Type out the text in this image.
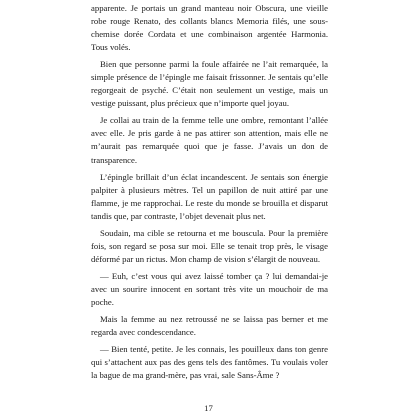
apparente. Je portais un grand manteau noir Obscura, une vieille robe rouge Renato, des collants blancs Memoria filés, une sous-chemise dorée Cordata et une combinaison argentée Harmonia. Tous volés.

Bien que personne parmi la foule affairée ne l’ait remarquée, la simple présence de l’épingle me faisait frissonner. Je sentais qu’elle regorgeait de psyché. C’était non seulement un vestige, mais un vestige puissant, plus précieux que n’importe quel joyau.

Je collai au train de la femme telle une ombre, remontant l’allée avec elle. Je pris garde à ne pas attirer son attention, mais elle ne m’aurait pas remarquée quoi que je fasse. J’avais un don de transparence.

L’épingle brillait d’un éclat incandescent. Je sentais son énergie palpiter à plusieurs mètres. Tel un papillon de nuit attiré par une flamme, je me rapprochai. Le reste du monde se brouilla et disparut tandis que, par contraste, l’objet devenait plus net.

Soudain, ma cible se retourna et me bouscula. Pour la première fois, son regard se posa sur moi. Elle se tenait trop près, le visage déformé par un rictus. Mon champ de vision s’élargit de nouveau.

— Euh, c’est vous qui avez laissé tomber ça ? lui demandai-je avec un sourire innocent en sortant très vite un mouchoir de ma poche.

Mais la femme au nez retroussé ne se laissa pas berner et me regarda avec condescendance.

— Bien tenté, petite. Je les connais, les pouilleux dans ton genre qui s’attachent aux pas des gens tels des fantômes. Tu voulais voler la bague de ma grand-mère, pas vrai, sale Sans-Âme ?

17
